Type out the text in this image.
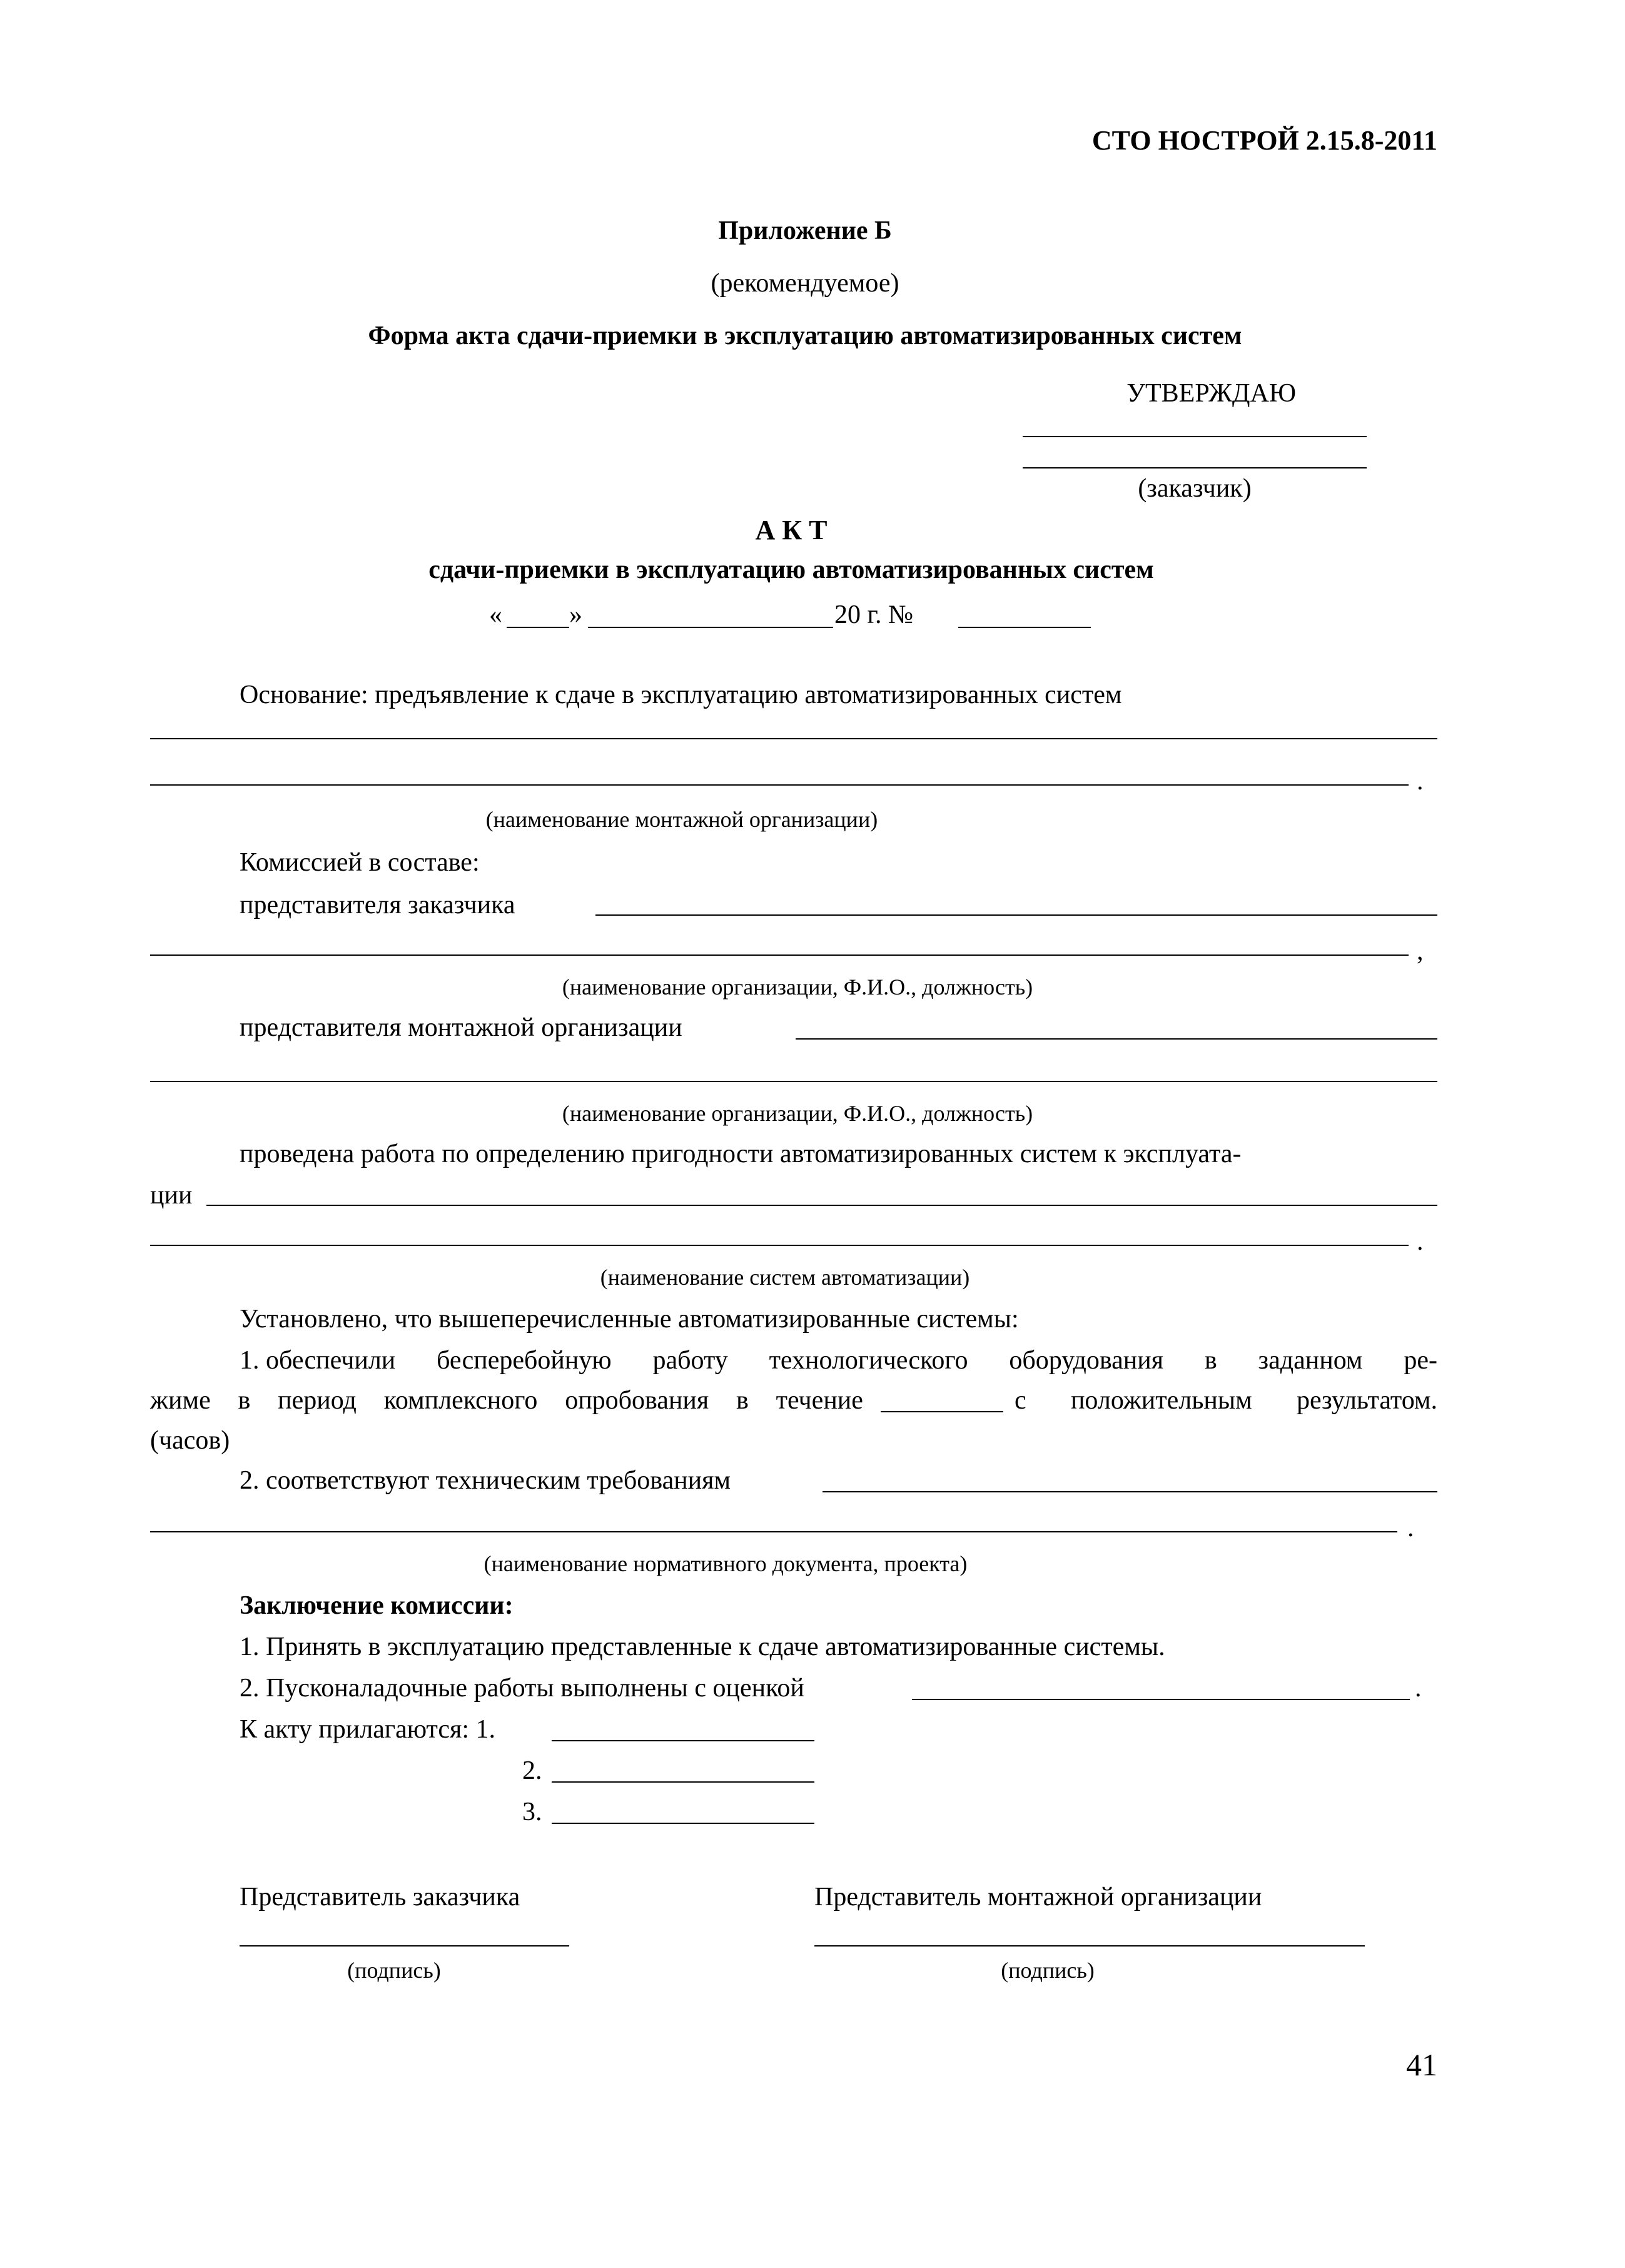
СТО НОСТРОЙ 2.15.8-2011
Приложение Б
(рекомендуемое)
Форма акта сдачи-приемки в эксплуатацию автоматизированных систем
УТВЕРЖДАЮ
(заказчик)
А К Т
сдачи-приемки в эксплуатацию автоматизированных систем
«	»	20 г. №
Основание: предъявление к сдаче в эксплуатацию автоматизированных систем
.
(наименование монтажной организации)
Комиссией в составе:
представителя заказчика
,
(наименование организации, Ф.И.О., должность)
представителя монтажной организации
(наименование организации, Ф.И.О., должность)
проведена работа по определению пригодности автоматизированных систем к эксплуата-
ции
.
(наименование систем автоматизации)
Установлено, что вышеперечисленные автоматизированные системы:
1. обеспечили бесперебойную работу технологического оборудования в заданном ре-
жиме в период комплексного опробования в течение	с положительным результатом.
(часов)
2. соответствуют техническим требованиям
.
(наименование нормативного документа, проекта)
Заключение комиссии:
1. Принять в эксплуатацию представленные к сдаче автоматизированные системы.
2. Пусконаладочные работы выполнены с оценкой	.
К акту прилагаются: 1.
2.
3.
Представитель заказчика
(подпись)
Представитель монтажной организации
(подпись)
41
